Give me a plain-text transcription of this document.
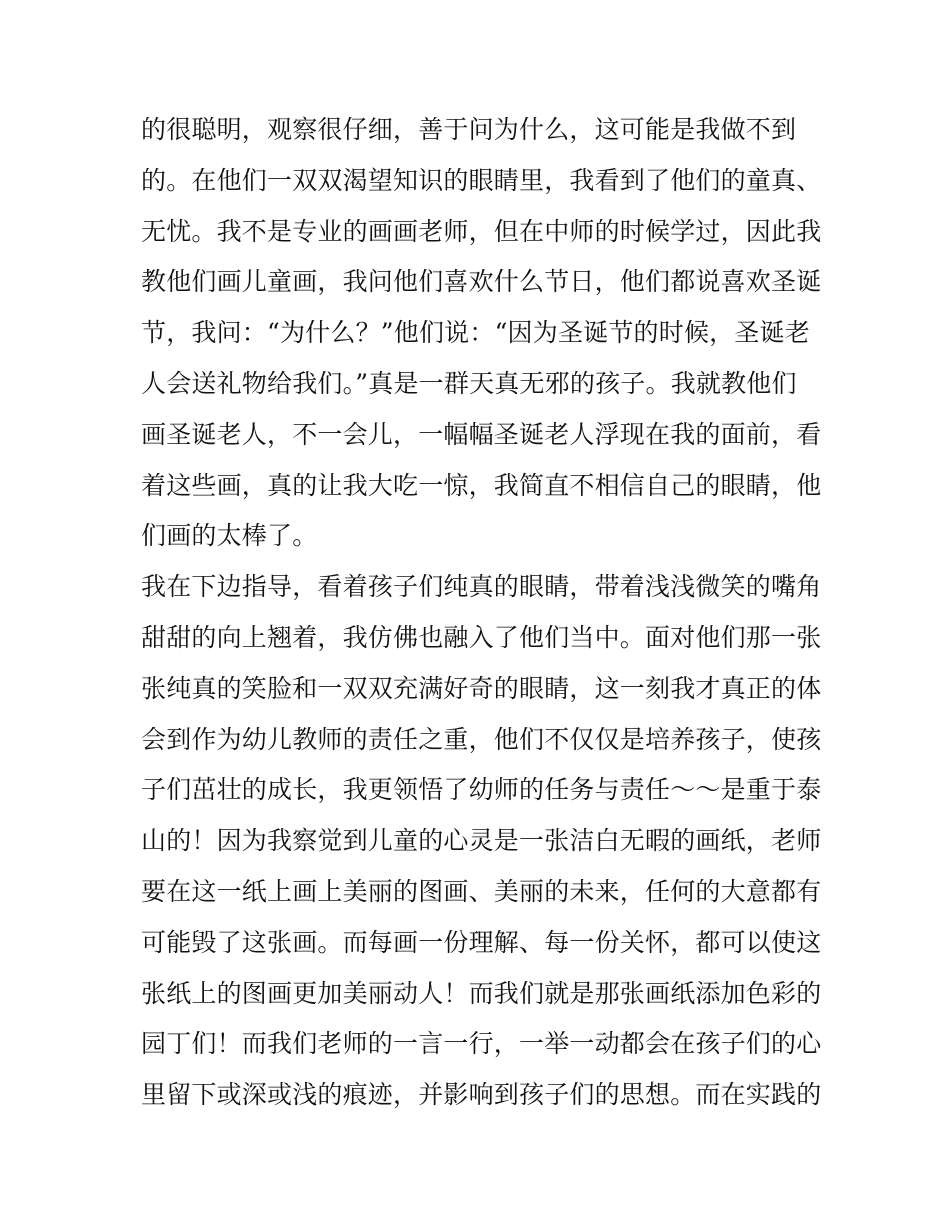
的很聪明，观察很仔细，善于问为什么，这可能是我做不到
的。在他们一双双渴望知识的眼睛里，我看到了他们的童真、
无忧。我不是专业的画画老师，但在中师的时候学过，因此我
教他们画儿童画，我问他们喜欢什么节日，他们都说喜欢圣诞
节，我问：“为什么？”他们说：“因为圣诞节的时候，圣诞老
人会送礼物给我们。”真是一群天真无邪的孩子。我就教他们
画圣诞老人，不一会儿，一幅幅圣诞老人浮现在我的面前，看
着这些画，真的让我大吃一惊，我简直不相信自己的眼睛，他
们画的太棒了。
我在下边指导，看着孩子们纯真的眼睛，带着浅浅微笑的嘴角
甜甜的向上翘着，我仿佛也融入了他们当中。面对他们那一张
张纯真的笑脸和一双双充满好奇的眼睛，这一刻我才真正的体
会到作为幼儿教师的责任之重，他们不仅仅是培养孩子，使孩
子们茁壮的成长，我更领悟了幼师的任务与责任～～是重于泰
山的！因为我察觉到儿童的心灵是一张洁白无暇的画纸，老师
要在这一纸上画上美丽的图画、美丽的未来，任何的大意都有
可能毁了这张画。而每画一份理解、每一份关怀，都可以使这
张纸上的图画更加美丽动人！而我们就是那张画纸添加色彩的
园丁们！而我们老师的一言一行，一举一动都会在孩子们的心
里留下或深或浅的痕迹，并影响到孩子们的思想。而在实践的
